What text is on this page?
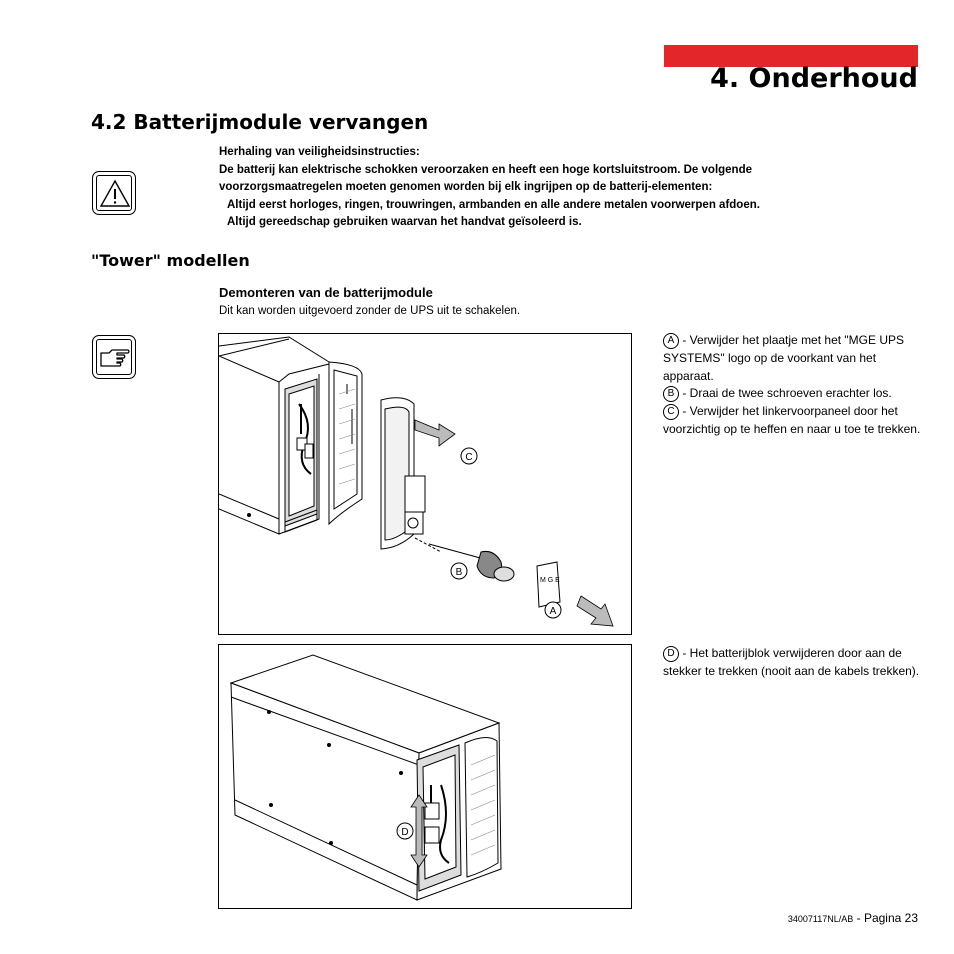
4. Onderhoud
4.2 Batterijmodule vervangen
Herhaling van veiligheidsinstructies:
De batterij kan elektrische schokken veroorzaken en heeft een hoge kortsluitstroom. De volgende
voorzorgsmaatregelen moeten genomen worden bij elk ingrijpen op de batterij-elementen:
Altijd eerst horloges, ringen, trouwringen, armbanden en alle andere metalen voorwerpen afdoen.
Altijd gereedschap gebruiken waarvan het handvat geïsoleerd is.
"Tower" modellen
Demonteren van de batterijmodule
Dit kan worden uitgevoerd zonder de UPS uit te schakelen.
M G E
C
B
A
A - Verwijder het plaatje met het "MGE UPS SYSTEMS" logo op de voorkant van het apparaat.
B - Draai de twee schroeven erachter los.
C - Verwijder het linkervoorpaneel door het voorzichtig op te heffen en naar u toe te trekken.
D
D - Het batterijblok verwijderen door aan de stekker te trekken (nooit aan de kabels trekken).
34007117NL/AB - Pagina 23
